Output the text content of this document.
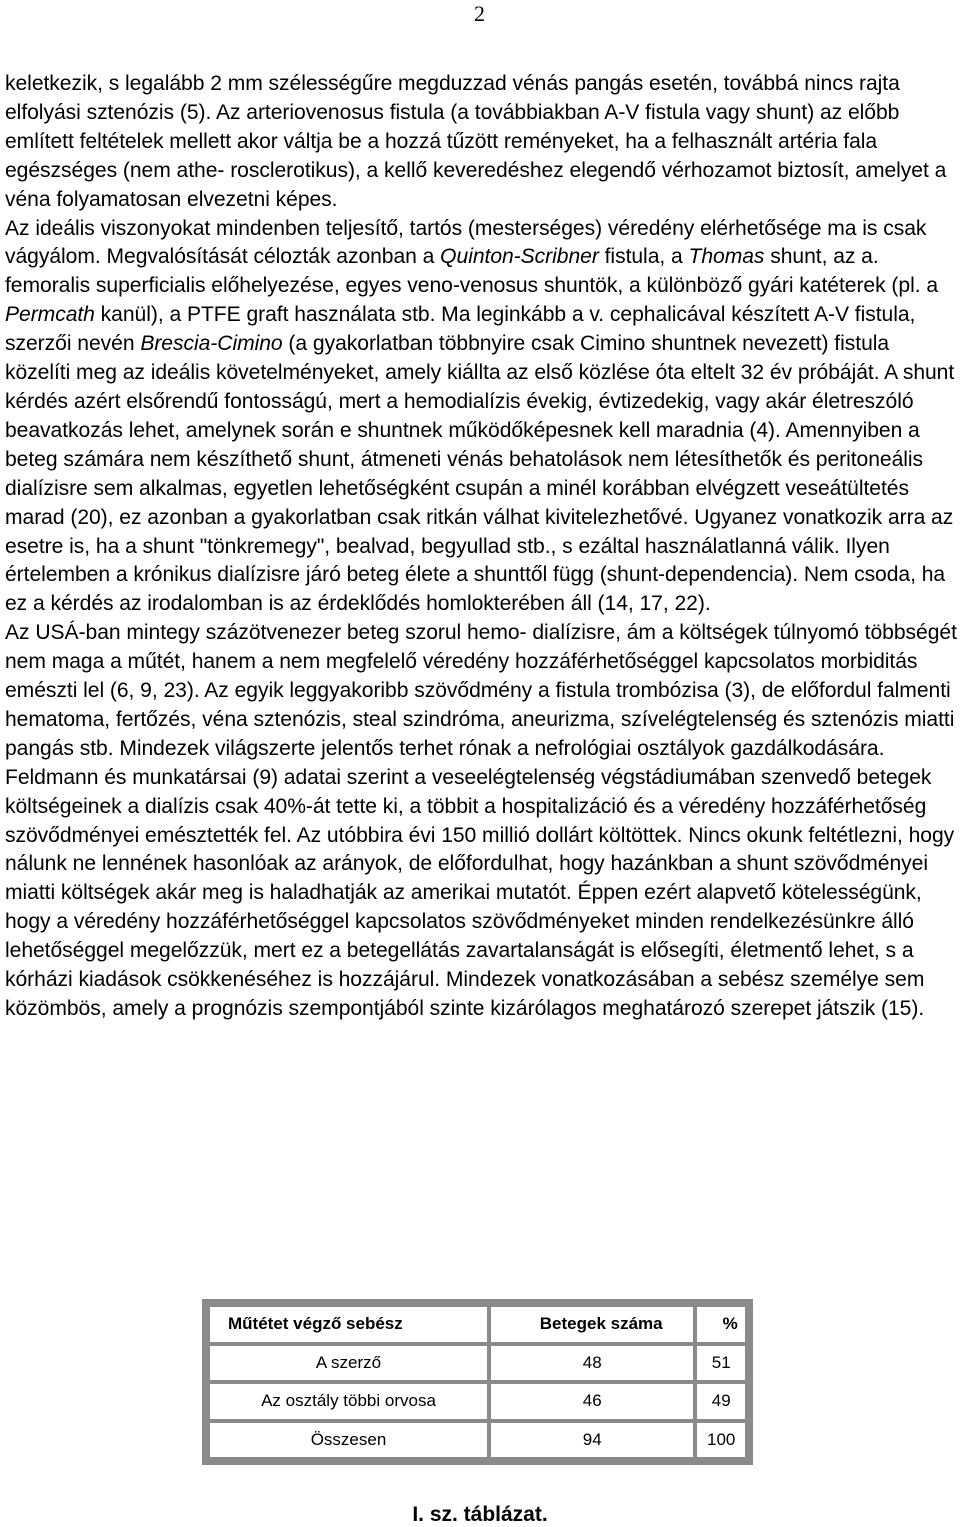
2

keletkezik, s legalább 2 mm szélességűre megduzzad vénás pangás esetén, továbbá nincs rajta elfolyási sztenózis (5). Az arteriovenosus fistula (a továbbiakban A-V fistula vagy shunt) az előbb említett feltételek mellett akor váltja be a hozzá tűzött reményeket, ha a felhasznált artéria fala egészséges (nem athe- rosclerotikus), a kellő keveredéshez elegendő vérhozamot biztosít, amelyet a véna folyamatosan elvezetni képes.

Az ideális viszonyokat mindenben teljesítő, tartós (mesterséges) véredény elérhetősége ma is csak vágyálom. Megvalósítását célozták azonban a Quinton-Scribner fistula, a Thomas shunt, az a. femoralis superficialis előhelyezése, egyes veno-venosus shuntök, a különböző gyári katéterek (pl. a Permcath kanül), a PTFE graft használata stb. Ma leginkább a v. cephalicával készített A-V fistula, szerzői nevén Brescia-Cimino (a gyakorlatban többnyire csak Cimino shuntnek nevezett) fistula közelíti meg az ideális követelményeket, amely kiállta az első közlése óta eltelt 32 év próbáját. A shunt kérdés azért elsőrendű fontosságú, mert a hemodialízis évekig, évtizedekig, vagy akár életreszóló beavatkozás lehet, amelynek során e shuntnek működőképesnek kell maradnia (4). Amennyiben a beteg számára nem készíthető shunt, átmeneti vénás behatolások nem létesíthetők és peritoneális dialízisre sem alkalmas, egyetlen lehetőségként csupán a minél korábban elvégzett veseátültetés marad (20), ez azonban a gyakorlatban csak ritkán válhat kivitelezhetővé. Ugyanez vonatkozik arra az esetre is, ha a shunt "tönkremegy", bealvad, begyullad stb., s ezáltal használatlanná válik. Ilyen értelemben a krónikus dialízisre járó beteg élete a shunttől függ (shunt-dependencia). Nem csoda, ha ez a kérdés az irodalomban is az érdeklődés homlokterében áll (14, 17, 22).

Az USÁ-ban mintegy százötvenezer beteg szorul hemo- dialízisre, ám a költségek túlnyomó többségét nem maga a műtét, hanem a nem megfelelő véredény hozzáférhetőséggel kapcsolatos morbiditás emészti lel (6, 9, 23). Az egyik leggyakoribb szövődmény a fistula trombózisa (3), de előfordul falmenti hematoma, fertőzés, véna sztenózis, steal szindróma, aneurizma, szívelégtelenség és sztenózis miatti pangás stb. Mindezek világszerte jelentős terhet rónak a nefrológiai osztályok gazdálkodására. Feldmann és munkatársai (9) adatai szerint a veseelégtelenség végstádiumában szenvedő betegek költségeinek a dialízis csak 40%-át tette ki, a többit a hospitalizáció és a véredény hozzáférhetőség szövődményei emésztették fel. Az utóbbira évi 150 millió dollárt költöttek. Nincs okunk feltétlezni, hogy nálunk ne lennének hasonlóak az arányok, de előfordulhat, hogy hazánkban a shunt szövődményei miatti költségek akár meg is haladhatják az amerikai mutatót. Éppen ezért alapvető kötelességünk, hogy a véredény hozzáférhetőséggel kapcsolatos szövődményeket minden rendelkezésünkre álló lehetőséggel megelőzzük, mert ez a betegellátás zavartalanságát is elősegíti, életmentő lehet, s a kórházi kiadások csökkenéséhez is hozzájárul. Mindezek vonatkozásában a sebész személye sem közömbös, amely a prognózis szempontjából szinte kizárólagos meghatározó szerepet játszik (15).

Műtétet végző sebész	Betegek száma	%
A szerző	48	51
Az osztály többi orvosa	46	49
Összesen	94	100
I. sz. táblázat.
